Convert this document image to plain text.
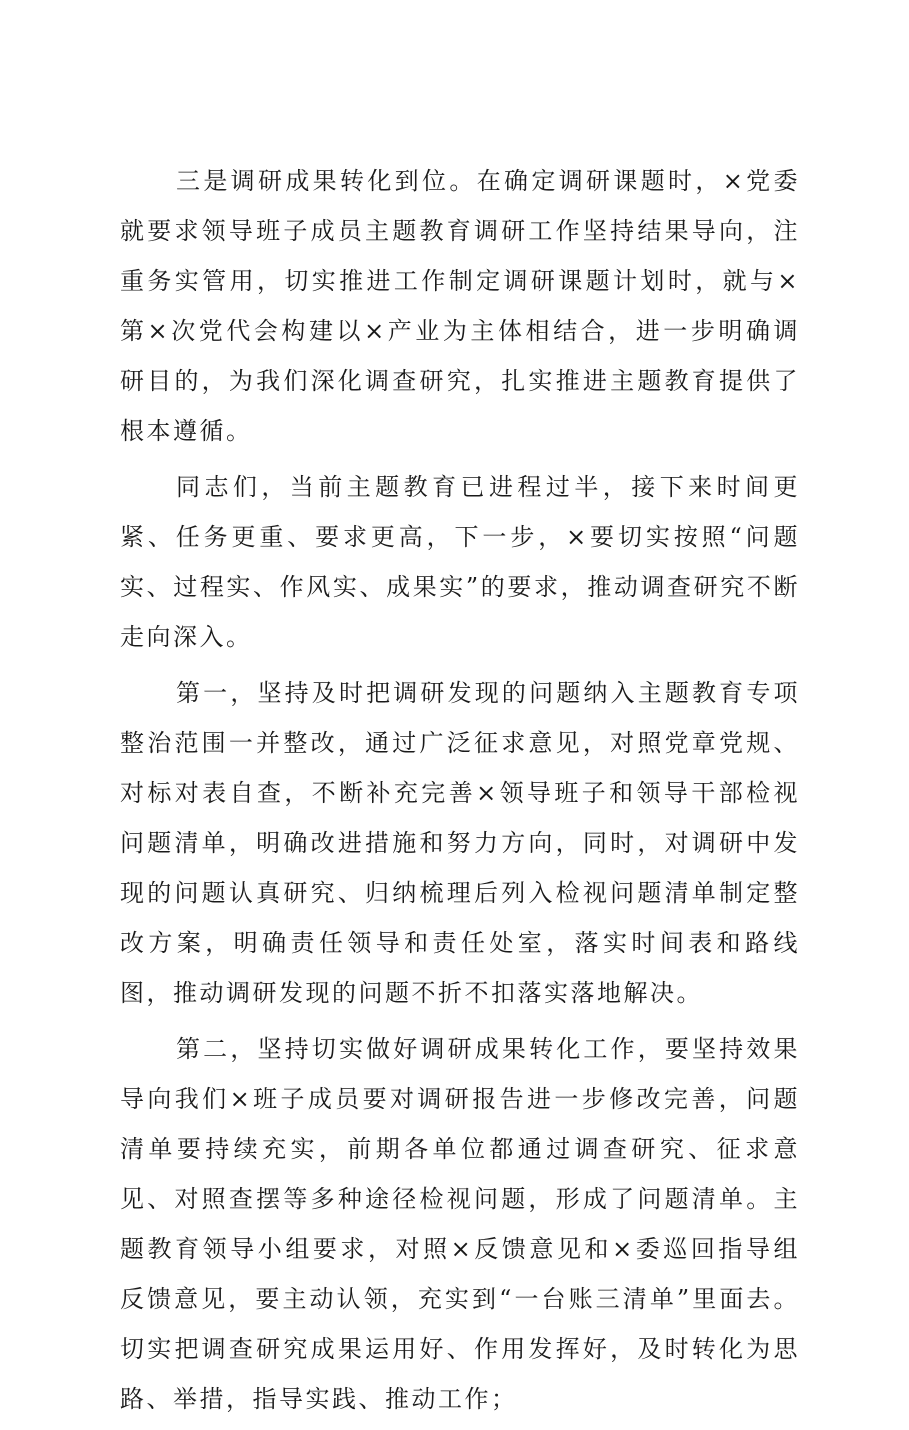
三是调研成果转化到位。在确定调研课题时，×党委就要求领导班子成员主题教育调研工作坚持结果导向，注重务实管用，切实推进工作制定调研课题计划时，就与×第×次党代会构建以×产业为主体相结合，进一步明确调研目的，为我们深化调查研究，扎实推进主题教育提供了根本遵循。

同志们，当前主题教育已进程过半，接下来时间更紧、任务更重、要求更高，下一步，×要切实按照“问题实、过程实、作风实、成果实”的要求，推动调查研究不断走向深入。

第一，坚持及时把调研发现的问题纳入主题教育专项整治范围一并整改，通过广泛征求意见，对照党章党规、对标对表自查，不断补充完善×领导班子和领导干部检视问题清单，明确改进措施和努力方向，同时，对调研中发现的问题认真研究、归纳梳理后列入检视问题清单制定整改方案，明确责任领导和责任处室，落实时间表和路线图，推动调研发现的问题不折不扣落实落地解决。

第二，坚持切实做好调研成果转化工作，要坚持效果导向我们×班子成员要对调研报告进一步修改完善，问题清单要持续充实，前期各单位都通过调查研究、征求意见、对照查摆等多种途径检视问题，形成了问题清单。主题教育领导小组要求，对照×反馈意见和×委巡回指导组反馈意见，要主动认领，充实到“一台账三清单”里面去。切实把调查研究成果运用好、作用发挥好，及时转化为思路、举措，指导实践、推动工作；
